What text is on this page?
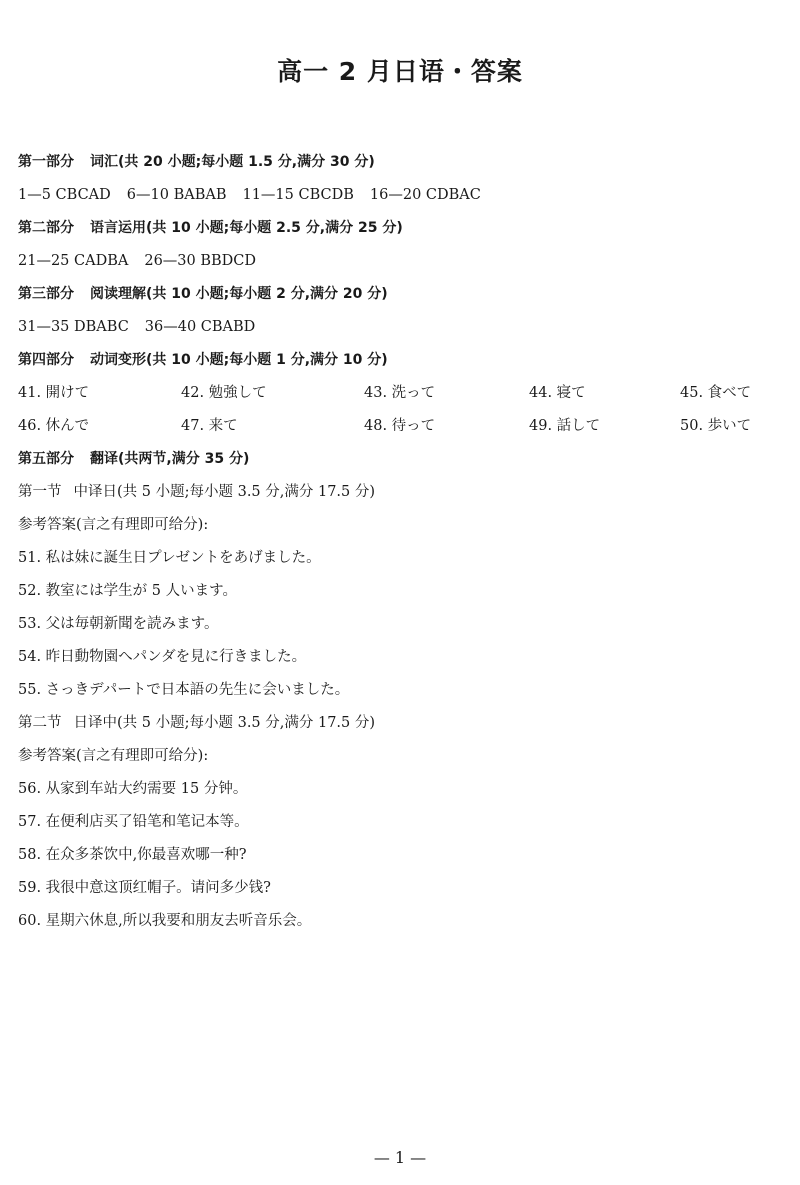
高一 2 月日语・答案
第一部分 词汇(共 20 小题;每小题 1.5 分,满分 30 分)
1—5 CBCAD 6—10 BABAB 11—15 CBCDB 16—20 CDBAC
第二部分 语言运用(共 10 小题;每小题 2.5 分,满分 25 分)
21—25 CADBA 26—30 BBDCD
第三部分 阅读理解(共 10 小题;每小题 2 分,满分 20 分)
31—35 DBABC 36—40 CBABD
第四部分 动词变形(共 10 小题;每小题 1 分,满分 10 分)
41. 開けて	42. 勉強して	43. 洗って	44. 寝て	45. 食べて
46. 休んで	47. 来て	48. 待って	49. 話して	50. 歩いて
第五部分 翻译(共两节,满分 35 分)
第一节 中译日(共 5 小题;每小题 3.5 分,满分 17.5 分)
参考答案(言之有理即可给分):
51. 私は妹に誕生日プレゼントをあげました。
52. 教室には学生が 5 人います。
53. 父は毎朝新聞を読みます。
54. 昨日動物園へパンダを見に行きました。
55. さっきデパートで日本語の先生に会いました。
第二节 日译中(共 5 小题;每小题 3.5 分,满分 17.5 分)
参考答案(言之有理即可给分):
56. 从家到车站大约需要 15 分钟。
57. 在便利店买了铅笔和笔记本等。
58. 在众多茶饮中,你最喜欢哪一种?
59. 我很中意这顶红帽子。请问多少钱?
60. 星期六休息,所以我要和朋友去听音乐会。
— 1 —
